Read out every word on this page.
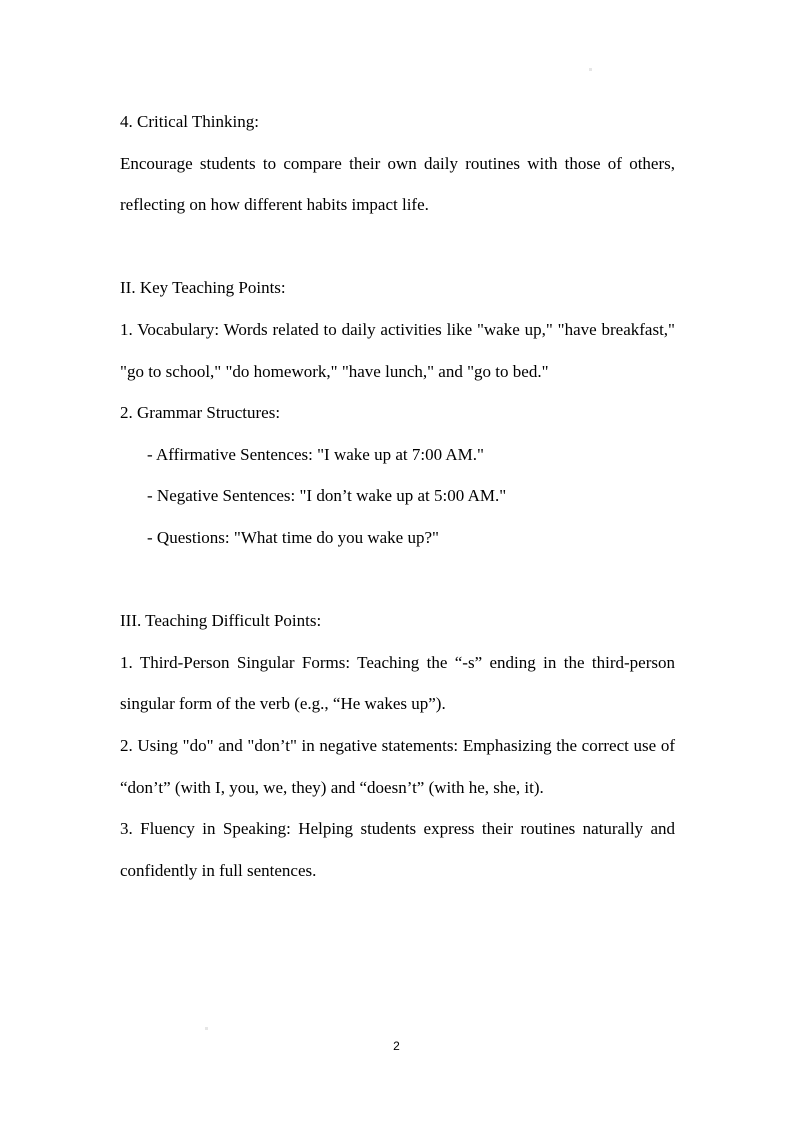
4. Critical Thinking:

Encourage students to compare their own daily routines with those of others, reflecting on how different habits impact life.

II. Key Teaching Points:

1. Vocabulary: Words related to daily activities like "wake up," "have breakfast," "go to school," "do homework," "have lunch," and "go to bed."

2. Grammar Structures:

- Affirmative Sentences: "I wake up at 7:00 AM."

- Negative Sentences: "I don’t wake up at 5:00 AM."

- Questions: "What time do you wake up?"

III. Teaching Difficult Points:

1. Third-Person Singular Forms: Teaching the “-s” ending in the third-person singular form of the verb (e.g., “He wakes up”).

2. Using "do" and "don’t" in negative statements: Emphasizing the correct use of “don’t” (with I, you, we, they) and “doesn’t” (with he, she, it).

3. Fluency in Speaking: Helping students express their routines naturally and confidently in full sentences.

2
